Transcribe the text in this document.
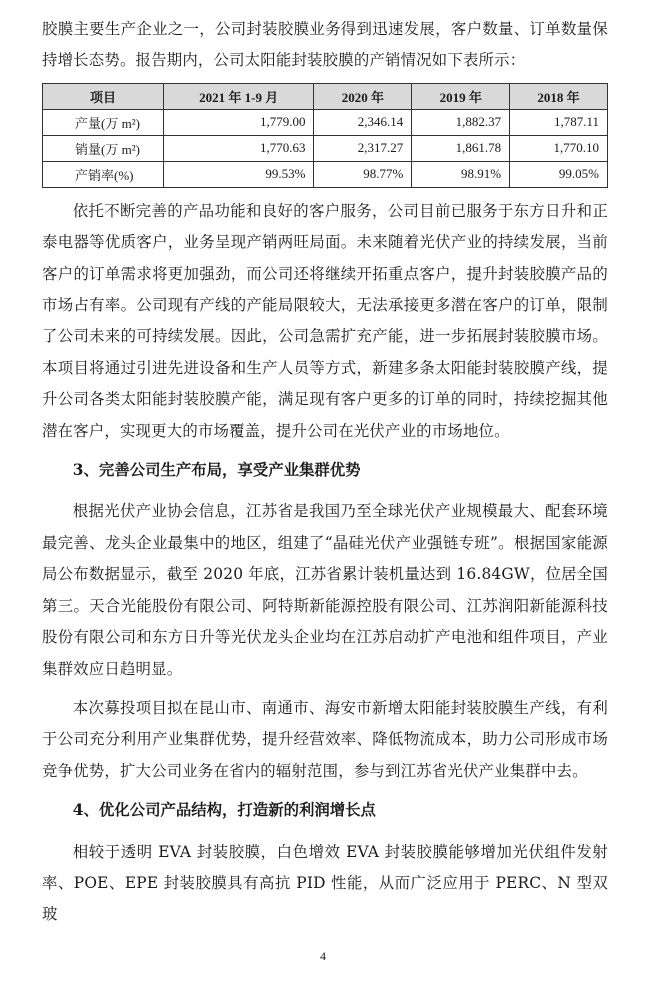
胶膜主要生产企业之一，公司封装胶膜业务得到迅速发展，客户数量、订单数量保持增长态势。报告期内，公司太阳能封装胶膜的产销情况如下表所示：

项目	2021 年 1-9 月	2020 年	2019 年	2018 年
产量(万 m²)	1,779.00	2,346.14	1,882.37	1,787.11
销量(万 m²)	1,770.63	2,317.27	1,861.78	1,770.10
产销率(%)	99.53%	98.77%	98.91%	99.05%

依托不断完善的产品功能和良好的客户服务，公司目前已服务于东方日升和正泰电器等优质客户，业务呈现产销两旺局面。未来随着光伏产业的持续发展，当前客户的订单需求将更加强劲，而公司还将继续开拓重点客户，提升封装胶膜产品的市场占有率。公司现有产线的产能局限较大，无法承接更多潜在客户的订单，限制了公司未来的可持续发展。因此，公司急需扩充产能，进一步拓展封装胶膜市场。本项目将通过引进先进设备和生产人员等方式，新建多条太阳能封装胶膜产线，提升公司各类太阳能封装胶膜产能，满足现有客户更多的订单的同时，持续挖掘其他潜在客户，实现更大的市场覆盖，提升公司在光伏产业的市场地位。

3、完善公司生产布局，享受产业集群优势

根据光伏产业协会信息，江苏省是我国乃至全球光伏产业规模最大、配套环境最完善、龙头企业最集中的地区，组建了“晶硅光伏产业强链专班”。根据国家能源局公布数据显示，截至 2020 年底，江苏省累计装机量达到 16.84GW，位居全国第三。天合光能股份有限公司、阿特斯新能源控股有限公司、江苏润阳新能源科技股份有限公司和东方日升等光伏龙头企业均在江苏启动扩产电池和组件项目，产业集群效应日趋明显。

本次募投项目拟在昆山市、南通市、海安市新增太阳能封装胶膜生产线，有利于公司充分利用产业集群优势，提升经营效率、降低物流成本，助力公司形成市场竞争优势，扩大公司业务在省内的辐射范围，参与到江苏省光伏产业集群中去。

4、优化公司产品结构，打造新的利润增长点

相较于透明 EVA 封装胶膜，白色增效 EVA 封装胶膜能够增加光伏组件发射率、POE、EPE 封装胶膜具有高抗 PID 性能，从而广泛应用于 PERC、N 型双玻

4
